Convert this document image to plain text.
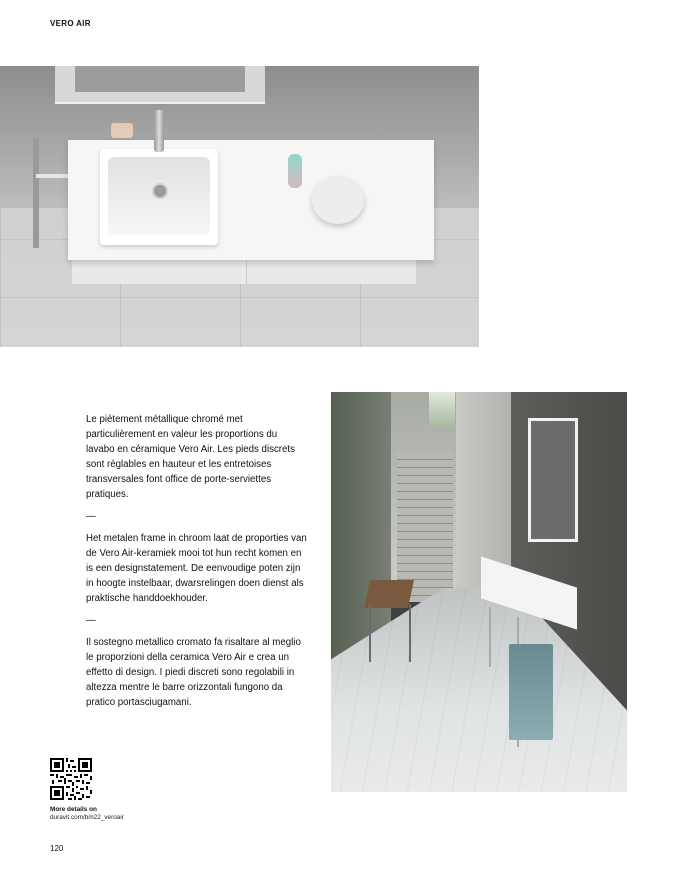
VERO AIR

Le piétement métallique chromé met particulièrement en valeur les proportions du lavabo en céramique Vero Air. Les pieds discrets sont réglables en hauteur et les entretoises transversales font office de porte-serviettes pratiques.

—

Het metalen frame in chroom laat de proporties van de Vero Air-keramiek mooi tot hun recht komen en is een designstatement. De eenvoudige poten zijn in hoogte instelbaar, dwarsrelingen doen dienst als praktische handdoekhouder.

—

Il sostegno metallico cromato fa risaltare al meglio le proporzioni della ceramica Vero Air e crea un effetto di design. I piedi discreti sono regolabili in altezza mentre le barre orizzontali fungono da pratico portasciugamani.

More details on
duravit.com/bm22_veroair
120
